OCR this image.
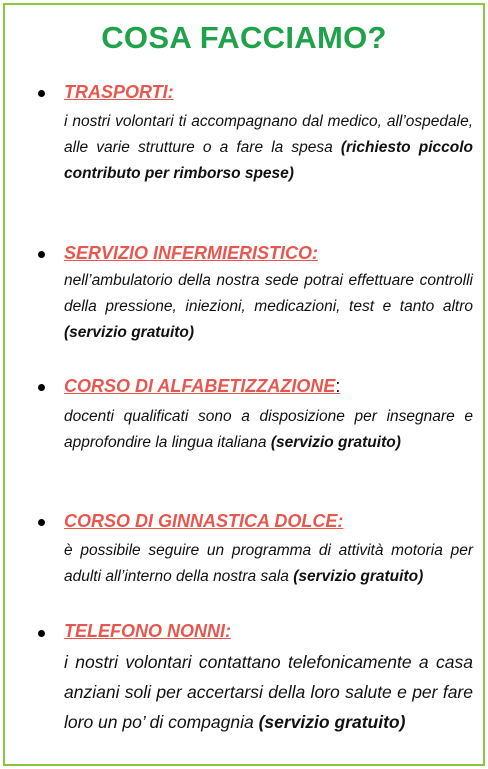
COSA FACCIAMO?
TRASPORTI:
i nostri volontari ti accompagnano dal medico, all’ospedale, alle varie strutture o a fare la spesa (richiesto piccolo contributo per rimborso spese)
SERVIZIO INFERMIERISTICO:
nell’ambulatorio della nostra sede potrai effettuare controlli della pressione, iniezioni, medicazioni, test e tanto altro (servizio gratuito)
CORSO DI ALFABETIZZAZIONE:
docenti qualificati sono a disposizione per insegnare e approfondire la lingua italiana (servizio gratuito)
CORSO DI GINNASTICA DOLCE:
è possibile seguire un programma di attività motoria per adulti all’interno della nostra sala (servizio gratuito)
TELEFONO NONNI:
i nostri volontari contattano telefonicamente a casa anziani soli per accertarsi della loro salute e per fare loro un po’ di compagnia (servizio gratuito)
